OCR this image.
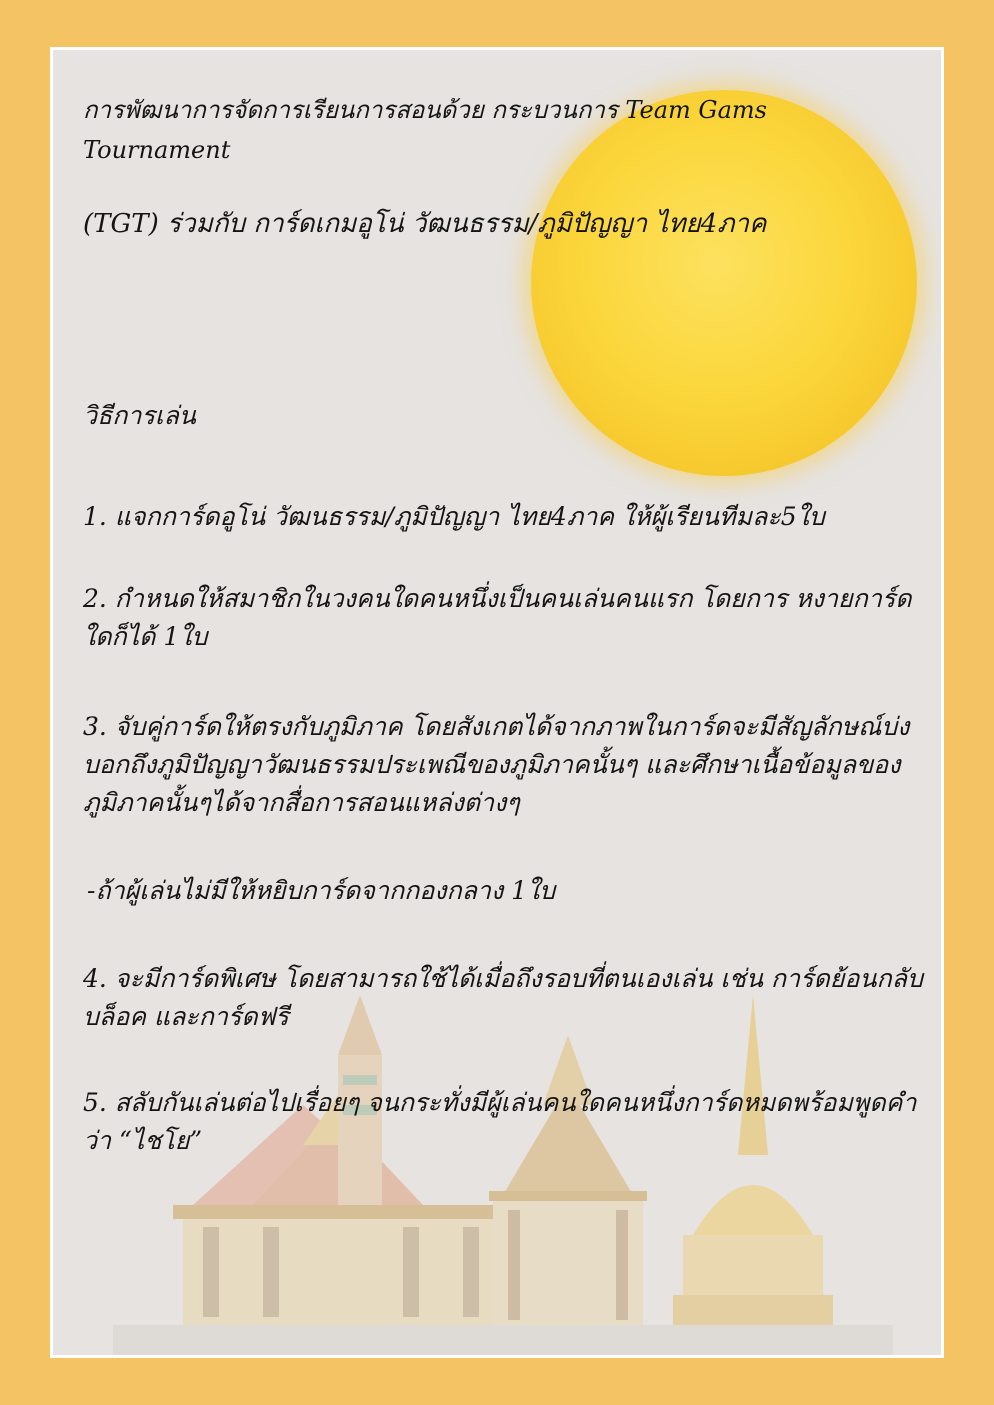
การพัฒนาการจัดการเรียนการสอนด้วย กระบวนการ Team Gams
Tournament
(TGT) ร่วมกับ การ์ดเกมอูโน่ วัฒนธรรม/ภูมิปัญญา ไทย4ภาค
วิธีการเล่น
1. แจกการ์ดอูโน่ วัฒนธรรม/ภูมิปัญญา ไทย4ภาค ให้ผู้เรียนทีมละ5ใบ
2. กำหนดให้สมาชิกในวงคนใดคนหนึ่งเป็นคนเล่นคนแรก โดยการ หงายการ์ดใดก็ได้ 1ใบ
3. จับคู่การ์ดให้ตรงกับภูมิภาค โดยสังเกตได้จากภาพในการ์ดจะมีสัญลักษณ์บ่งบอกถึงภูมิปัญญาวัฒนธรรมประเพณีของภูมิภาคนั้นๆ และศึกษาเนื้อข้อมูลของภูมิภาคนั้นๆได้จากสื่อการสอนแหล่งต่างๆ
-ถ้าผู้เล่นไม่มีให้หยิบการ์ดจากกองกลาง 1ใบ
4. จะมีการ์ดพิเศษ โดยสามารถใช้ได้เมื่อถึงรอบที่ตนเองเล่น เช่น การ์ดย้อนกลับ บล็อค และการ์ดฟรี
5. สลับกันเล่นต่อไปเรื่อยๆ จนกระทั่งมีผู้เล่นคนใดคนหนึ่งการ์ดหมดพร้อมพูดคำว่า “ไชโย”
